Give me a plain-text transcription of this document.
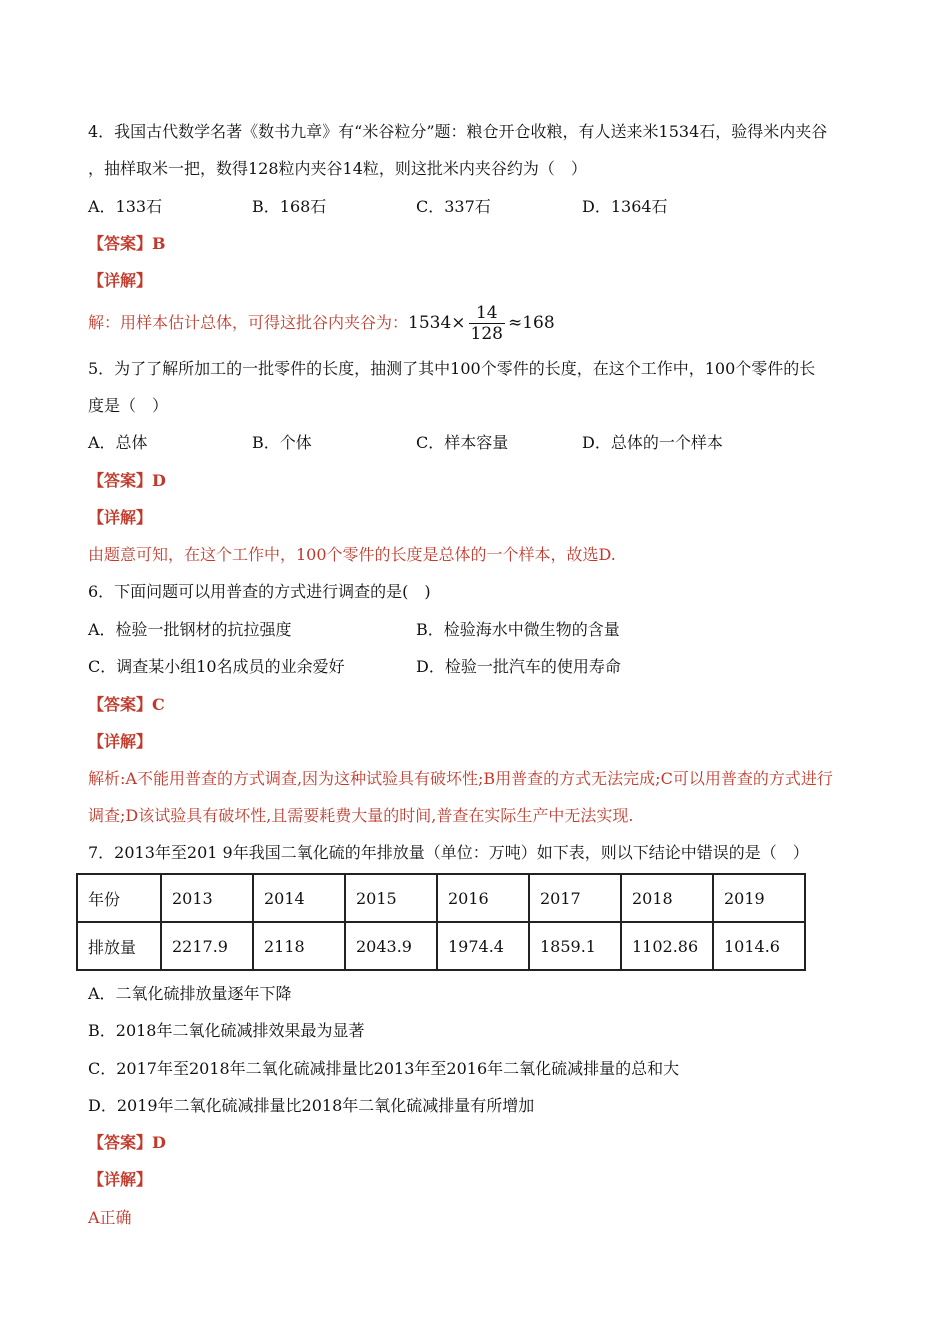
4．我国古代数学名著《数书九章》有“米谷粒分”题：粮仓开仓收粮，有人送来米1534石，验得米内夹谷
，抽样取米一把，数得128粒内夹谷14粒，则这批米内夹谷约为（　）
A．133石	B．168石	C．337石	D．1364石
【答案】B
【详解】
解：用样本估计总体，可得这批谷内夹谷为：$1534\times \frac{14}{128} \approx 168$
5．为了了解所加工的一批零件的长度，抽测了其中100个零件的长度，在这个工作中，100个零件的长
度是（　）
A．总体	B．个体	C．样本容量	D．总体的一个样本
【答案】D
【详解】
由题意可知，在这个工作中，100个零件的长度是总体的一个样本，故选D.
6．下面问题可以用普查的方式进行调查的是(　)
A．检验一批钢材的抗拉强度	B．检验海水中微生物的含量
C．调查某小组10名成员的业余爱好	D．检验一批汽车的使用寿命
【答案】C
【详解】
解析:A不能用普查的方式调查,因为这种试验具有破坏性;B用普查的方式无法完成;C可以用普查的方式进行
调查;D该试验具有破坏性,且需要耗费大量的时间,普查在实际生产中无法实现.
7．2013年至201 9年我国二氧化硫的年排放量（单位：万吨）如下表，则以下结论中错误的是（　）
年份	2013	2014	2015	2016	2017	2018	2019
排放量	2217.9	2118	2043.9	1974.4	1859.1	1102.86	1014.6
A．二氧化硫排放量逐年下降
B．2018年二氧化硫减排效果最为显著
C．2017年至2018年二氧化硫减排量比2013年至2016年二氧化硫减排量的总和大
D．2019年二氧化硫减排量比2018年二氧化硫减排量有所增加
【答案】D
【详解】
A正确
